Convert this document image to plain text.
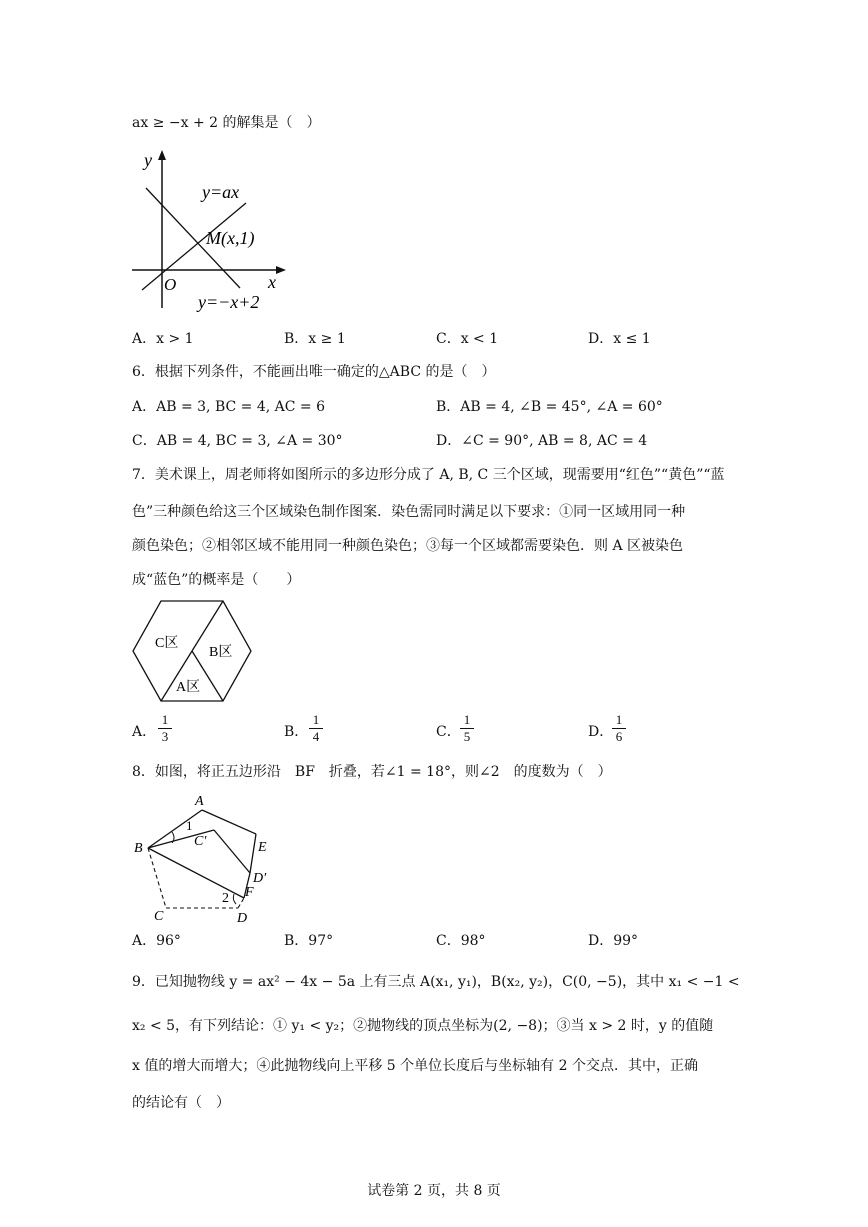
ax ≥ −x + 2 的解集是（　）
y
x
O
y=ax
M(x,1)
y=−x+2
A．x > 1	B．x ≥ 1	C．x < 1	D．x ≤ 1
6．根据下列条件，不能画出唯一确定的△ABC 的是（　）
A．AB = 3, BC = 4, AC = 6	B．AB = 4, ∠B = 45°, ∠A = 60°
C．AB = 4, BC = 3, ∠A = 30°	D．∠C = 90°, AB = 8, AC = 4
7．美术课上，周老师将如图所示的多边形分成了 A, B, C 三个区域，现需要用“红色”“黄色”“蓝
色”三种颜色给这三个区域染色制作图案．染色需同时满足以下要求：①同一区域用同一种
颜色染色；②相邻区域不能用同一种颜色染色；③每一个区域都需要染色．则 A 区被染色
成“蓝色”的概率是（　　）
C区
B区
A区
A．
1
3	B．
1
4	C．
1
5	D．
1
6
8．如图，将正五边形沿　BF　折叠，若∠1 = 18°，则∠2　的度数为（　）
A
B
C	D
E
F
C′
D′
1
2
A．96°	B．97°	C．98°	D．99°
9．已知抛物线 y = ax² − 4x − 5a 上有三点 A(x₁, y₁)，B(x₂, y₂)，C(0, −5)，其中 x₁ < −1 <
x₂ < 5，有下列结论：① y₁ < y₂；②抛物线的顶点坐标为(2, −8)；③当 x > 2 时，y 的值随
x 值的增大而增大；④此抛物线向上平移 5 个单位长度后与坐标轴有 2 个交点．其中，正确
的结论有（　）
试卷第 2 页，共 8 页
